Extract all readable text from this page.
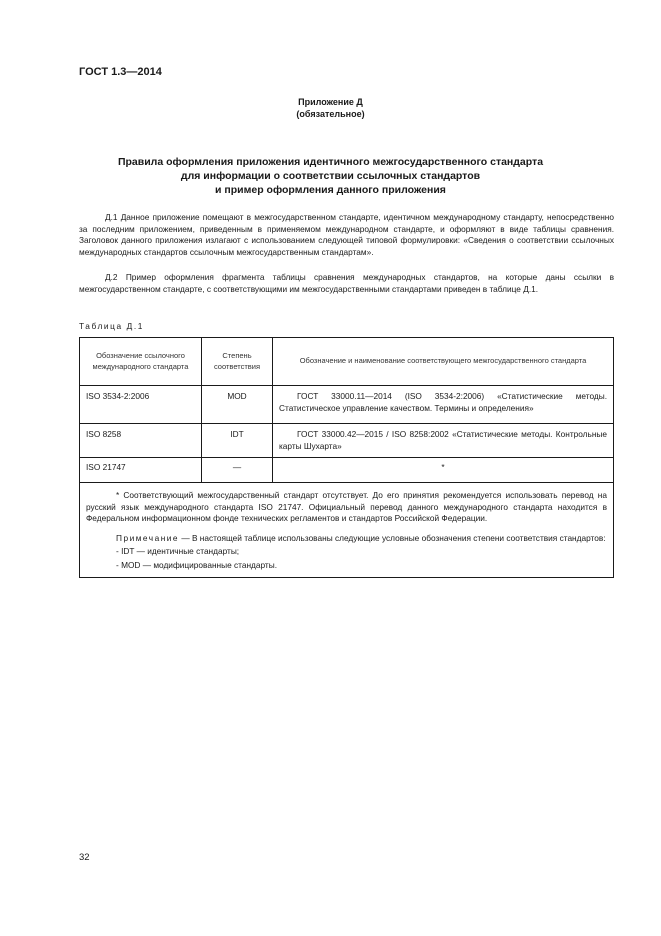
ГОСТ 1.3—2014
Приложение Д
(обязательное)
Правила оформления приложения идентичного межгосударственного стандарта
для информации о соответствии ссылочных стандартов
и пример оформления данного приложения
Д.1 Данное приложение помещают в межгосударственном стандарте, идентичном международному стандарту, непосредственно за последним приложением, приведенным в применяемом международном стандарте, и оформляют в виде таблицы сравнения. Заголовок данного приложения излагают с использованием следующей типовой формулировки: «Сведения о соответствии ссылочных международных стандартов ссылочным межгосударственным стандартам».
Д.2 Пример оформления фрагмента таблицы сравнения международных стандартов, на которые даны ссылки в межгосударственном стандарте, с соответствующими им межгосударственными стандартами приведен в таблице Д.1.
Таблица Д.1
Обозначение ссылочного международного стандарта	Степень соответствия	Обозначение и наименование соответствующего межгосударственного стандарта
ISO 3534-2:2006	MOD	ГОСТ 33000.11—2014 (ISO 3534-2:2006) «Статистические методы. Статистическое управление качеством. Термины и определения»
ISO 8258	IDT	ГОСТ 33000.42—2015 / ISO 8258:2002 «Статистические методы. Контрольные карты Шухарта»
ISO 21747	—	*

* Соответствующий межгосударственный стандарт отсутствует. До его принятия рекомендуется использовать перевод на русский язык международного стандарта ISO 21747. Официальный перевод данного международного стандарта находится в Федеральном информационном фонде технических регламентов и стандартов Российской Федерации.

Примечание — В настоящей таблице использованы следующие условные обозначения степени соответствия стандартов:

- IDT — идентичные стандарты;

- MOD — модифицированные стандарты.		

32
